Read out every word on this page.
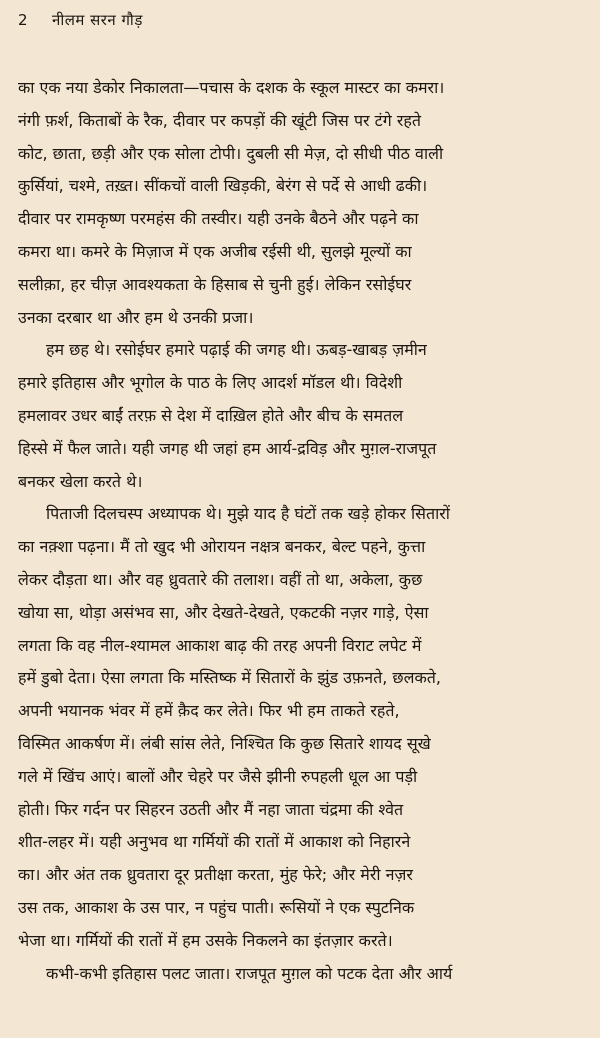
2	नीलम सरन गौड़
का एक नया डेकोर निकालता—पचास के दशक के स्कूल मास्टर का कमरा।
नंगी फ़र्श, किताबों के रैक, दीवार पर कपड़ों की खूंटी जिस पर टंगे रहते
कोट, छाता, छड़ी और एक सोला टोपी। दुबली सी मेज़, दो सीधी पीठ वाली
कुर्सियां, चश्मे, तख़्त। सींकचों वाली खिड़की, बेरंग से पर्दे से आधी ढकी।
दीवार पर रामकृष्ण परमहंस की तस्वीर। यही उनके बैठने और पढ़ने का
कमरा था। कमरे के मिज़ाज में एक अजीब रईसी थी, सुलझे मूल्यों का
सलीक़ा, हर चीज़ आवश्यकता के हिसाब से चुनी हुई। लेकिन रसोईघर
उनका दरबार था और हम थे उनकी प्रजा।
हम छह थे। रसोईघर हमारे पढ़ाई की जगह थी। ऊबड़-खाबड़ ज़मीन
हमारे इतिहास और भूगोल के पाठ के लिए आदर्श मॉडल थी। विदेशी
हमलावर उधर बाईं तरफ़ से देश में दाख़िल होते और बीच के समतल
हिस्से में फैल जाते। यही जगह थी जहां हम आर्य-द्रविड़ और मुग़ल-राजपूत
बनकर खेला करते थे।
पिताजी दिलचस्प अध्यापक थे। मुझे याद है घंटों तक खड़े होकर सितारों
का नक़्शा पढ़ना। मैं तो खुद भी ओरायन नक्षत्र बनकर, बेल्ट पहने, कुत्ता
लेकर दौड़ता था। और वह ध्रुवतारे की तलाश। वहीं तो था, अकेला, कुछ
खोया सा, थोड़ा असंभव सा, और देखते-देखते, एकटकी नज़र गाड़े, ऐसा
लगता कि वह नील-श्यामल आकाश बाढ़ की तरह अपनी विराट लपेट में
हमें डुबो देता। ऐसा लगता कि मस्तिष्क में सितारों के झुंड उफ़नते, छलकते,
अपनी भयानक भंवर में हमें क़ैद कर लेते। फिर भी हम ताकते रहते,
विस्मित आकर्षण में। लंबी सांस लेते, निश्चित कि कुछ सितारे शायद सूखे
गले में खिंच आएं। बालों और चेहरे पर जैसे झीनी रुपहली धूल आ पड़ी
होती। फिर गर्दन पर सिहरन उठती और मैं नहा जाता चंद्रमा की श्वेत
शीत-लहर में। यही अनुभव था गर्मियों की रातों में आकाश को निहारने
का। और अंत तक ध्रुवतारा दूर प्रतीक्षा करता, मुंह फेरे; और मेरी नज़र
उस तक, आकाश के उस पार, न पहुंच पाती। रूसियों ने एक स्पुटनिक
भेजा था। गर्मियों की रातों में हम उसके निकलने का इंतज़ार करते।
कभी-कभी इतिहास पलट जाता। राजपूत मुग़ल को पटक देता और आर्य
